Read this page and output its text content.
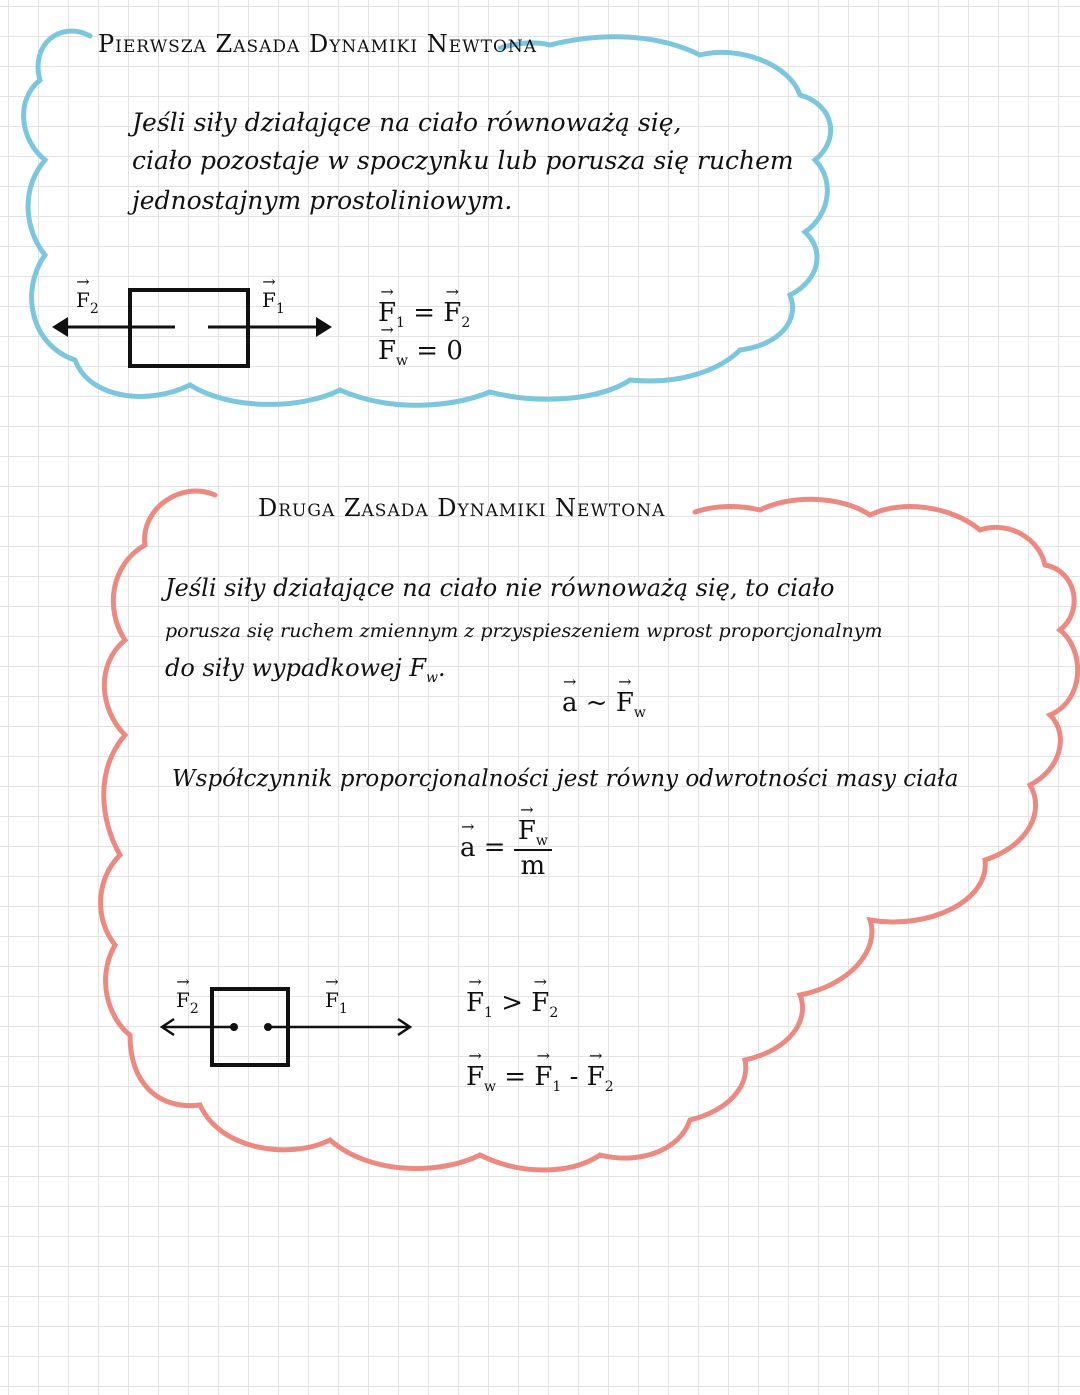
Pierwsza Zasada Dynamiki Newtona
Jeśli siły działające na ciało równoważą się,
ciało pozostaje w spoczynku lub porusza się ruchem
jednostajnym prostoliniowym.
→ $F_2$	→ $F_1$	→ $F_1$ = → $F_2$
→ $F_w = 0$
Druga Zasada Dynamiki Newtona
Jeśli siły działające na ciało nie równoważą się, to ciało
porusza się ruchem zmiennym z przyspieszeniem wprost proporcjonalnym
do siły wypadkowej $F_w$.
→ a ~ → $F_w$
Współczynnik proporcjonalności jest równy odwrotności masy ciała
→ a = → $\frac{F_w}{m}$
→ $F_2$	→ $F_1$	→ $F_1$ > → $F_2$
→ $F_w$ = → $F_1$ - → $F_2$
